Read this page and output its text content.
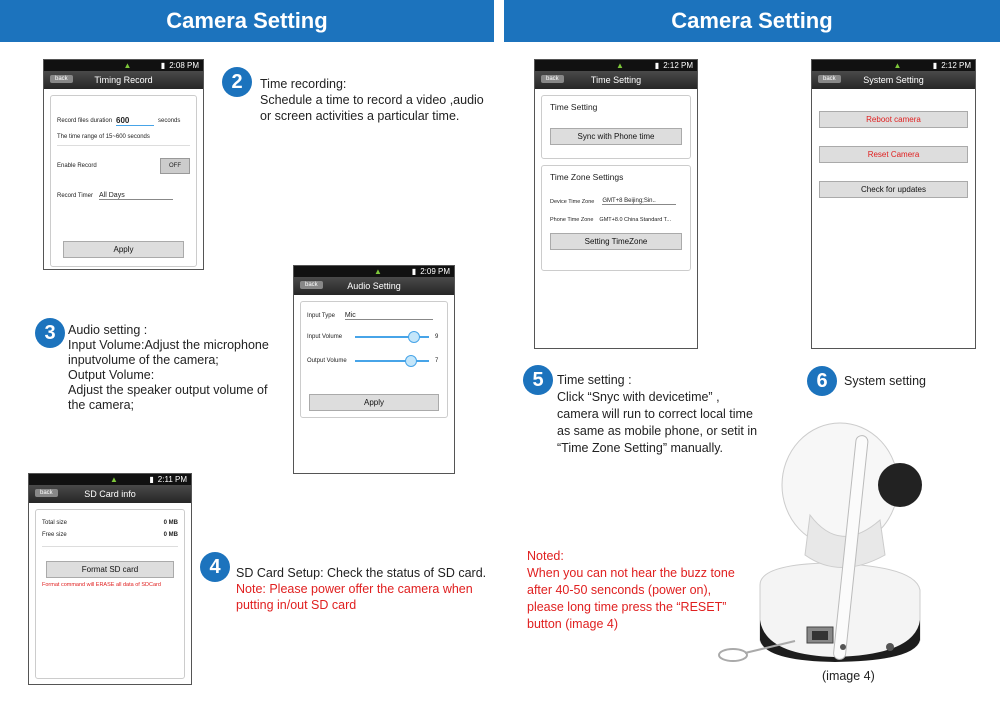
Camera Setting	Camera Setting
▲	▮ 2:08 PM
back	Timing Record
Record files duration 600	seconds
The time range of 15~600 seconds
Enable Record	OFF
Record Timer All Days
Apply
2	Time recording:
Schedule a time to record a video ,audio
or screen activities a particular time.
▲	▮ 2:09 PM
back	Audio Setting
Input Type Mic
Input Volume	9
Output Volume	7
Apply
3 Audio setting :
Input Volume:Adjust the microphone
inputvolume of the camera;
Output Volume:
Adjust the speaker output volume of
the camera;
▲	▮ 2:11 PM
back	SD Card info
Total size	0 MB
Free size	0 MB
Format SD card
Format command will ERASE all data of SDCard
4	SD Card Setup: Check the status of SD card.
Note: Please power offer the camera when
putting in/out SD card
▲	▮ 2:12 PM
back	Time Setting
Time Setting
Sync with Phone time
Time Zone Settings
Device Time Zone GMT+8 Beijing;Sin..
Phone Time Zone GMT+8.0 China Standard T...
Setting TimeZone
▲	▮ 2:12 PM
back	System Setting
Reboot camera
Reset Camera
Check for updates
5	Time setting :
Click “Snyc with devicetime” ,
camera will run to correct local time
as same as mobile phone, or setit in
“Time Zone Setting” manually.
6	System setting
Noted:
When you can not hear the buzz tone
after 40-50 senconds (power on),
please long time press the “RESET”
button (image 4)
(image 4)
